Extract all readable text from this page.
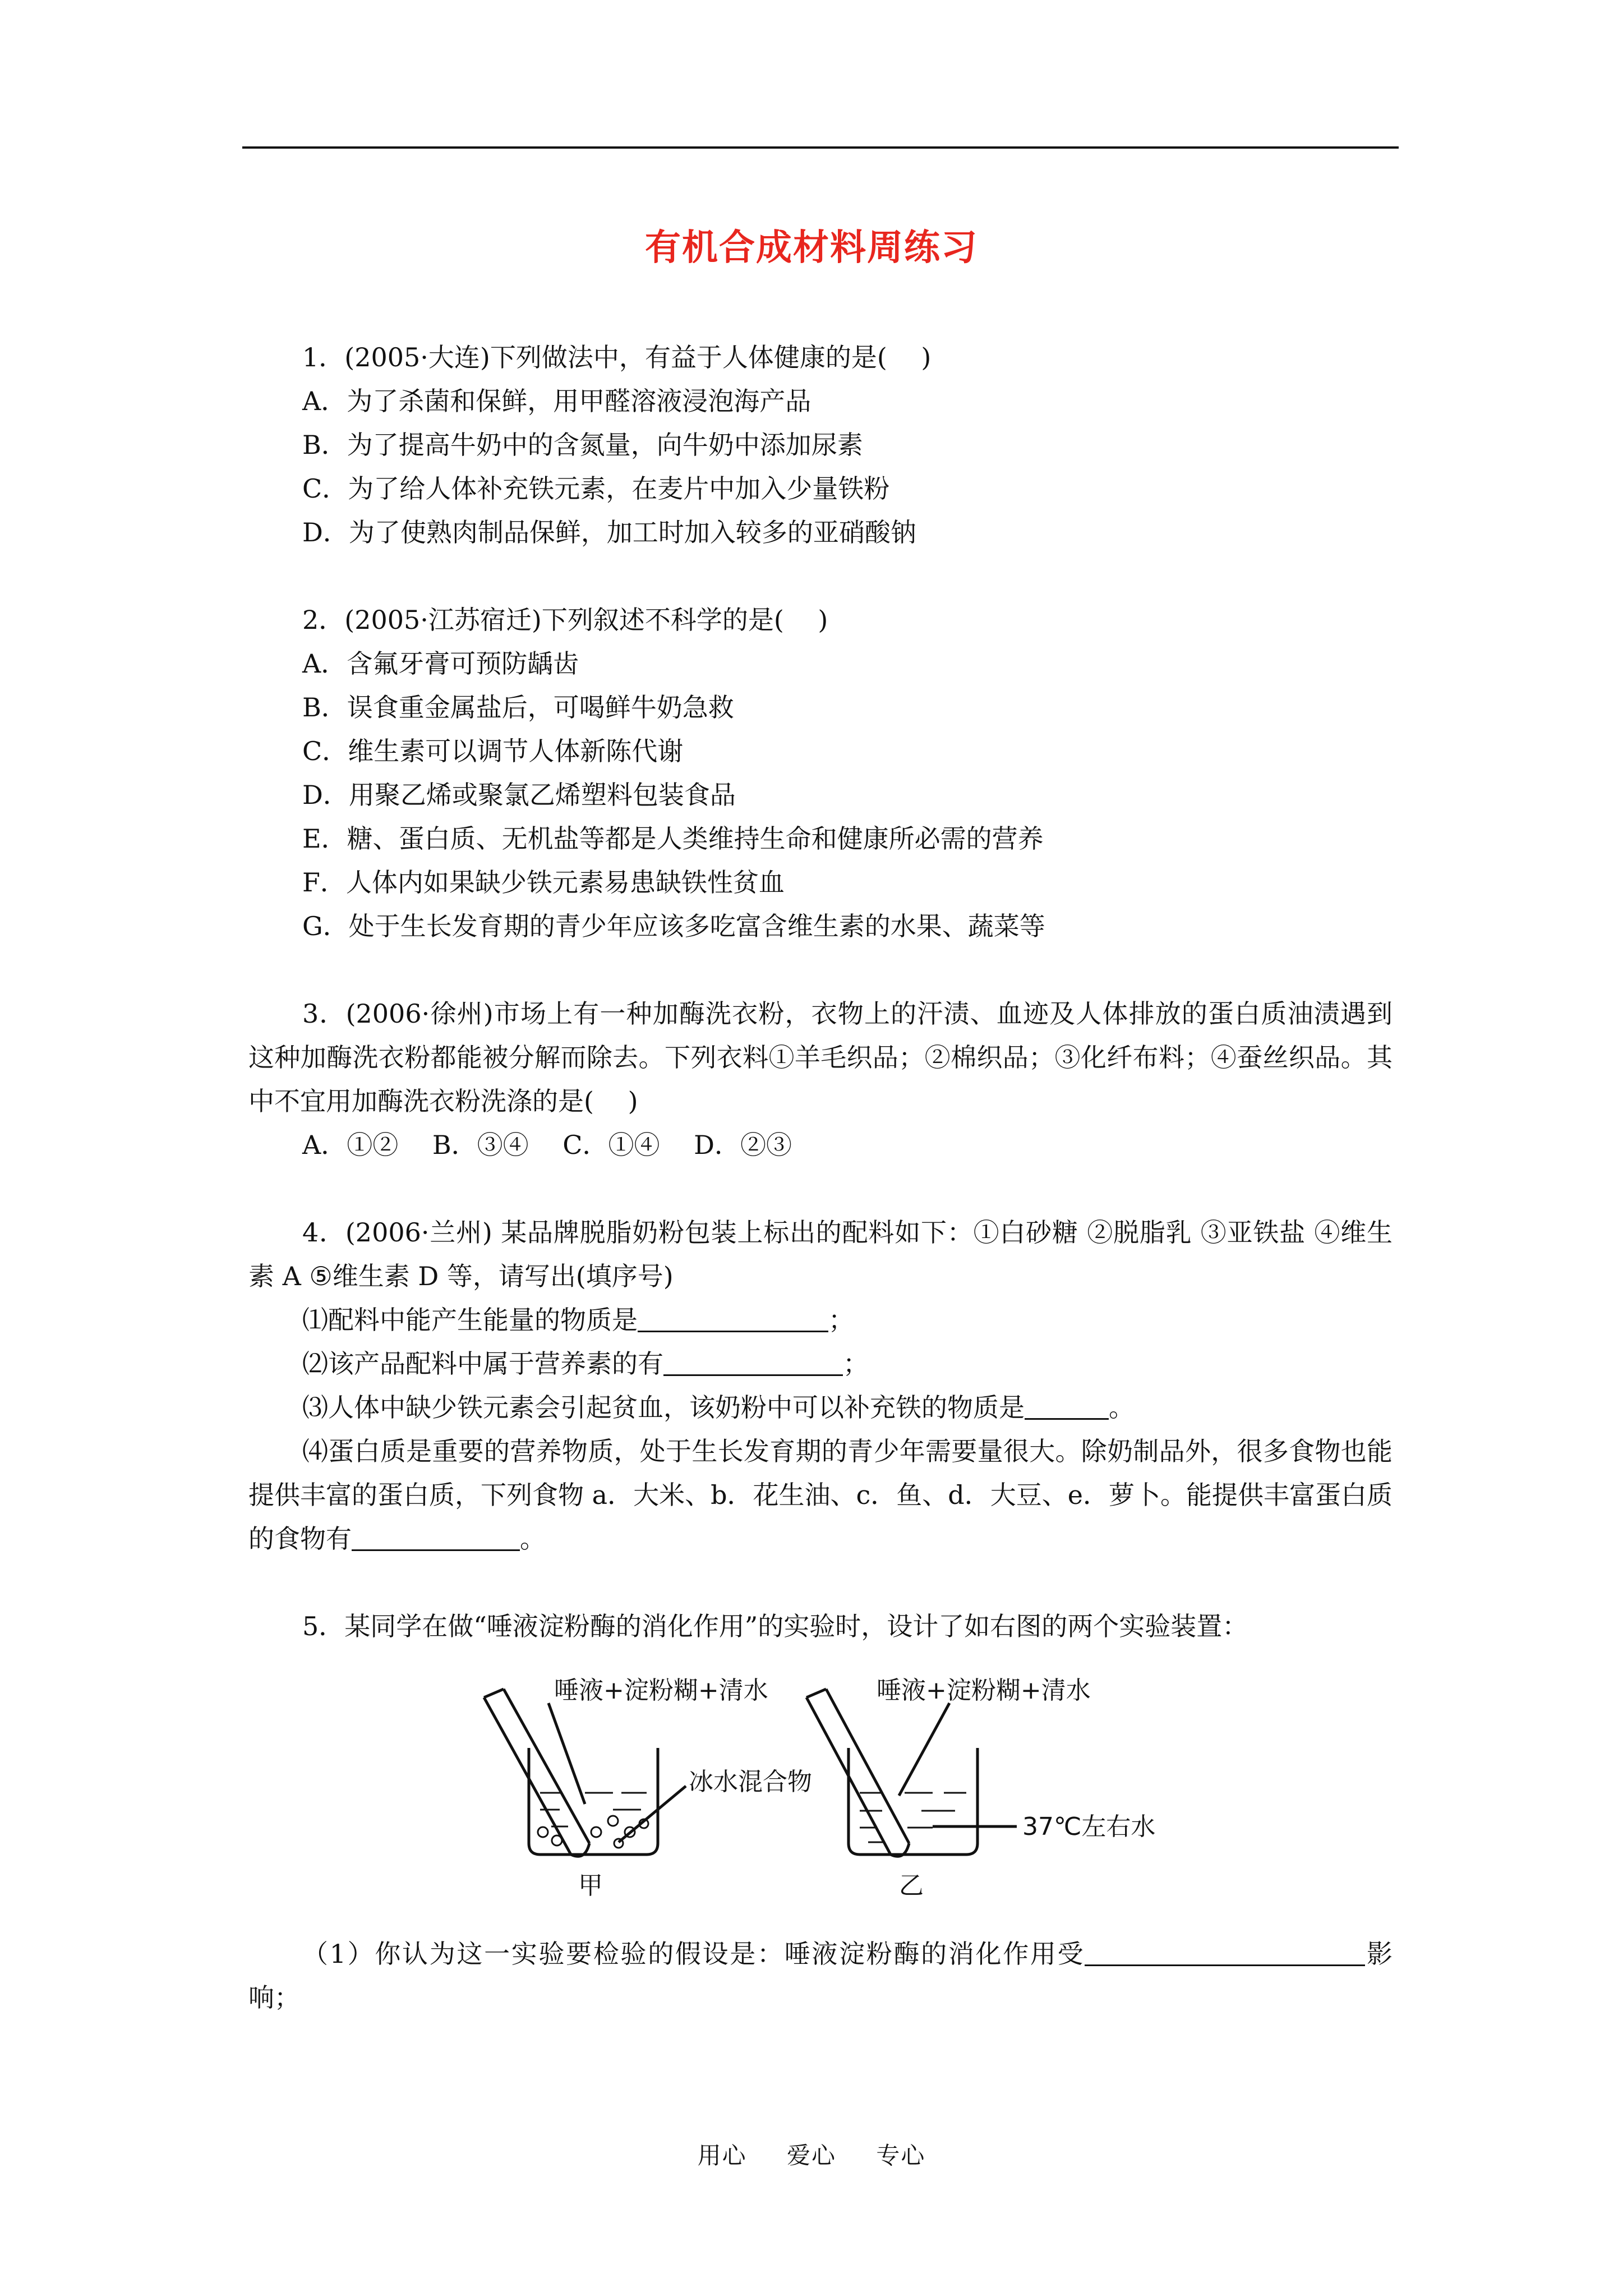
有机合成材料周练习
1．(2005·大连)下列做法中，有益于人体健康的是(　 )
A．为了杀菌和保鲜，用甲醛溶液浸泡海产品
B．为了提高牛奶中的含氮量，向牛奶中添加尿素
C．为了给人体补充铁元素，在麦片中加入少量铁粉
D．为了使熟肉制品保鲜，加工时加入较多的亚硝酸钠
2．(2005·江苏宿迁)下列叙述不科学的是(　 )
A．含氟牙膏可预防龋齿
B．误食重金属盐后，可喝鲜牛奶急救
C．维生素可以调节人体新陈代谢
D．用聚乙烯或聚氯乙烯塑料包装食品
E．糖、蛋白质、无机盐等都是人类维持生命和健康所必需的营养
F．人体内如果缺少铁元素易患缺铁性贫血
G．处于生长发育期的青少年应该多吃富含维生素的水果、蔬菜等
3．(2006·徐州)市场上有一种加酶洗衣粉，衣物上的汗渍、血迹及人体排放的蛋白质油渍遇到这种加酶洗衣粉都能被分解而除去。下列衣料①羊毛织品；②棉织品；③化纤布料；④蚕丝织品。其中不宜用加酶洗衣粉洗涤的是(　 )
A．①②　 B．③④　 C．①④　 D．②③
4．(2006·兰州) 某品牌脱脂奶粉包装上标出的配料如下：①白砂糖 ②脱脂乳 ③亚铁盐 ④维生素 A ⑤维生素 D 等，请写出(填序号)
⑴配料中能产生能量的物质是	；
⑵该产品配料中属于营养素的有	；
⑶人体中缺少铁元素会引起贫血，该奶粉中可以补充铁的物质是	。
⑷蛋白质是重要的营养物质，处于生长发育期的青少年需要量很大。除奶制品外，很多食物也能提供丰富的蛋白质，下列食物 a．大米、b．花生油、c．鱼、d．大豆、e．萝卜。能提供丰富蛋白质的食物有	。
5．某同学在做“唾液淀粉酶的消化作用”的实验时，设计了如右图的两个实验装置：
唾液+淀粉糊+清水
冰水混合物
甲
唾液+淀粉糊+清水
37℃左右水
乙
（1）你认为这一实验要检验的假设是：唾液淀粉酶的消化作用受	影响；
用心 爱心 专心
